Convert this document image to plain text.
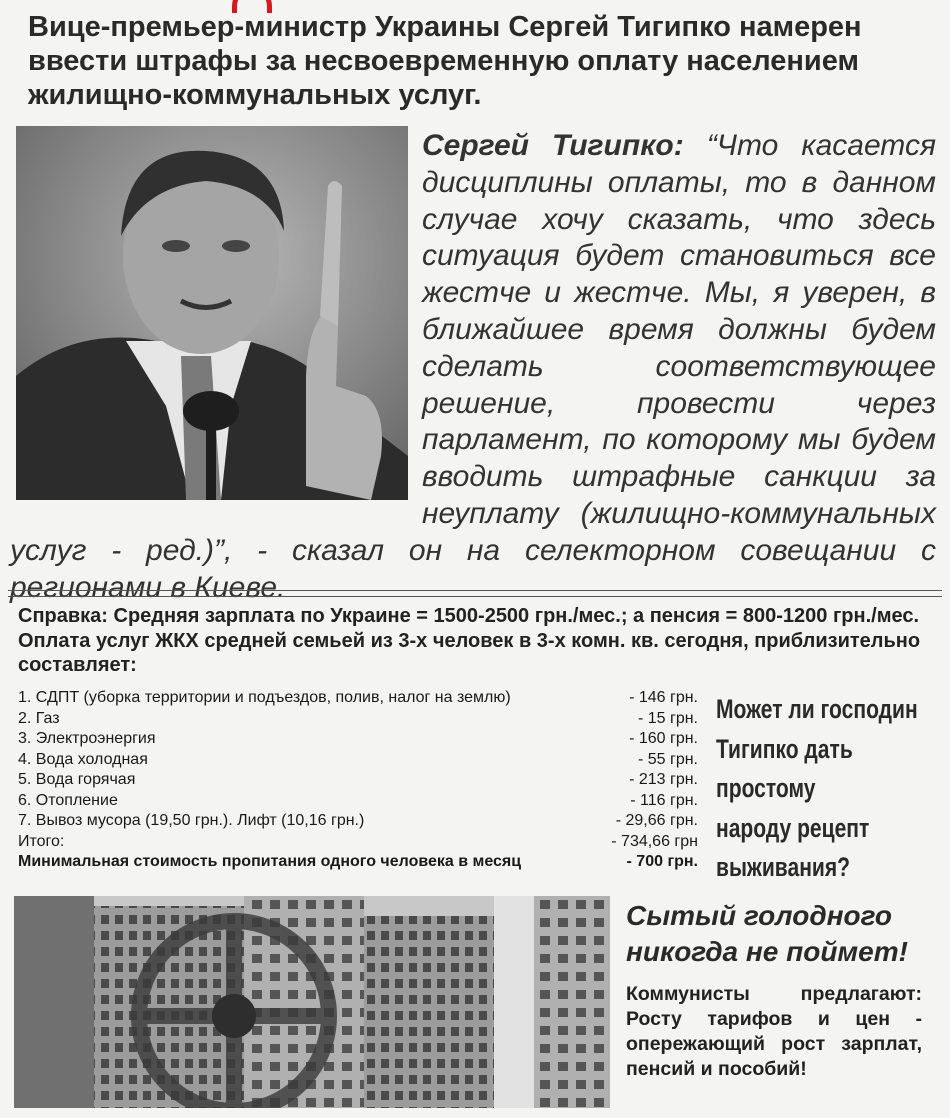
Вице-премьер-министр Украины Сергей Тигипко намерен ввести штрафы за несвоевременную оплату населением жилищно-коммунальных услуг.

Сергей Тигипко: “Что касается дисциплины оплаты, то в данном случае хочу сказать, что здесь ситуация будет становиться все жестче и жестче. Мы, я уверен, в ближайшее время должны будем сделать соответствующее решение, провести через парламент, по которому мы будем вводить штрафные санкции за неуплату (жилищно-коммунальных услуг - ред.)”, - сказал он на селекторном совещании с регионами в Киеве.

Справка: Средняя зарплата по Украине = 1500-2500 грн./мес.; а пенсия = 800-1200 грн./мес. Оплата услуг ЖКХ средней семьей из 3-х человек в 3-х комн. кв. сегодня, приблизительно составляет:

1. СДПТ (уборка территории и подъездов, полив, налог на землю)	- 146 грн.
2. Газ	- 15 грн.
3. Электроэнергия	- 160 грн.
4. Вода холодная	- 55 грн.
5. Вода горячая	- 213 грн.
6. Отопление	- 116 грн.
7. Вывоз мусора (19,50 грн.). Лифт (10,16 грн.)	- 29,66 грн.
Итого:	- 734,66 грн
Минимальная стоимость пропитания одного человека в месяц	- 700 грн.
Может ли господин
Тигипко дать
простому
народу рецепт
выживания?
Сытый голодного никогда не поймет!
Коммунисты предлагают: Росту тарифов и цен - опережающий рост зарплат, пенсий и пособий!
